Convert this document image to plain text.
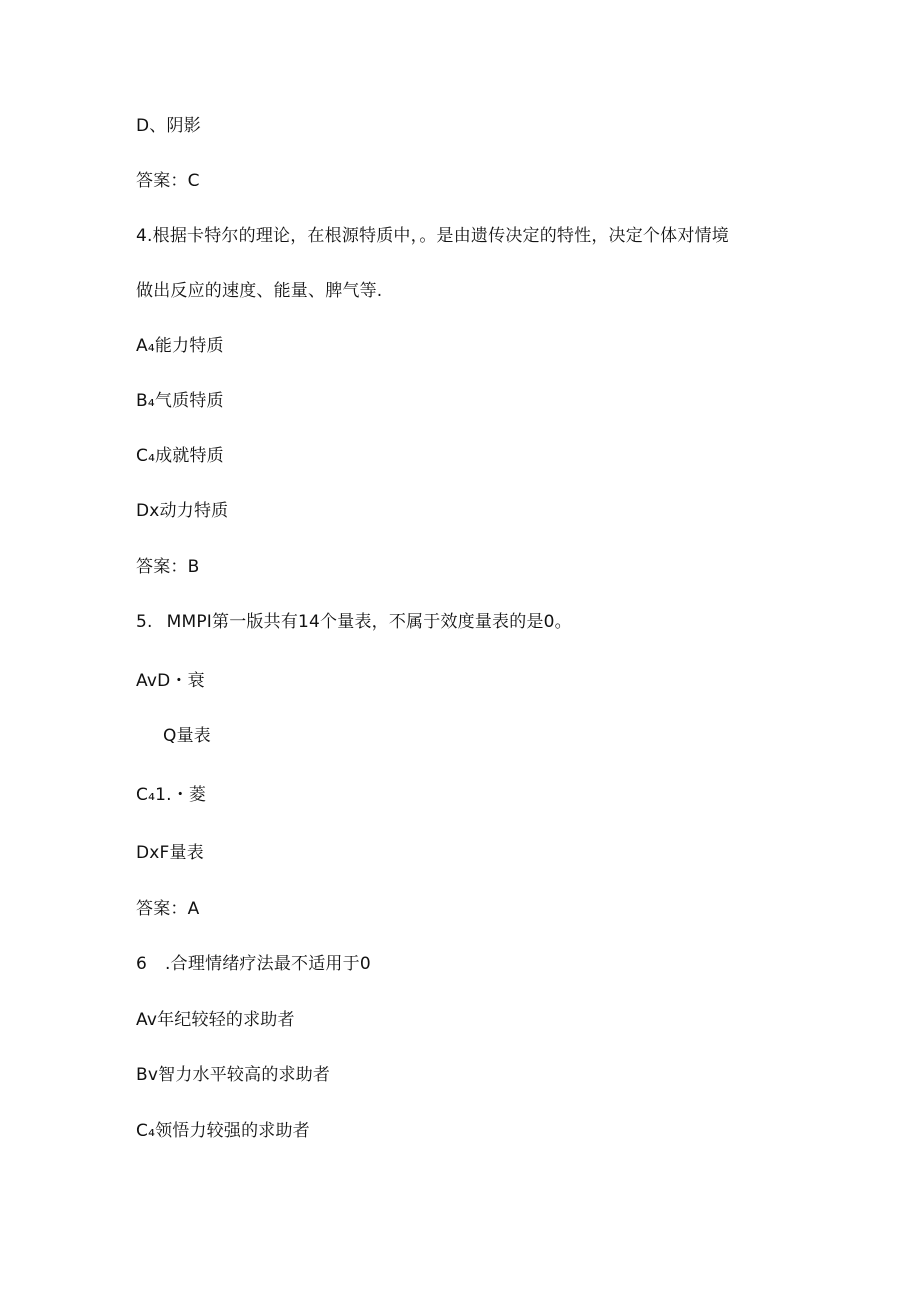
D、阴影
答案：C
4.根据卡特尔的理论，在根源特质中，。是由遗传决定的特性，决定个体对情境
做出反应的速度、能量、脾气等.
A₄能力特质
B₄气质特质
C₄成就特质
Dx动力特质
答案：B
5. MMPI第一版共有14个量表，不属于效度量表的是0。
AvD・衰
Q量表
C₄1.・菱
DxF量表
答案：A
6 .合理情绪疗法最不适用于0
Av年纪较轻的求助者
Bv智力水平较高的求助者
C₄领悟力较强的求助者
